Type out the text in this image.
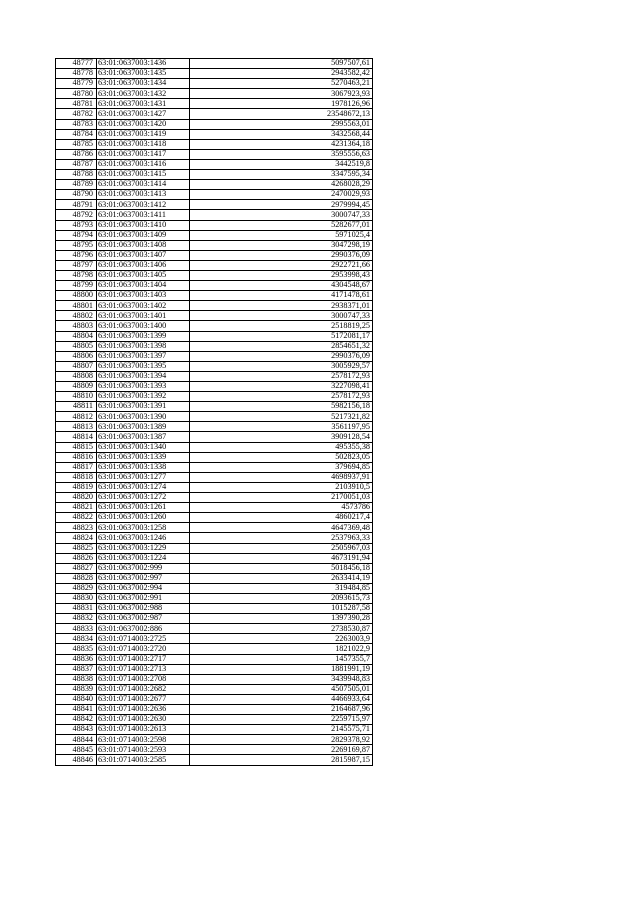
48777	63:01:0637003:1436	5097507,61
48778	63:01:0637003:1435	2943582,42
48779	63:01:0637003:1434	5270463,21
48780	63:01:0637003:1432	3067923,93
48781	63:01:0637003:1431	1978126,96
48782	63:01:0637003:1427	23548672,13
48783	63:01:0637003:1420	2995563,01
48784	63:01:0637003:1419	3432568,44
48785	63:01:0637003:1418	4231364,18
48786	63:01:0637003:1417	3595556,63
48787	63:01:0637003:1416	3442519,8
48788	63:01:0637003:1415	3347595,34
48789	63:01:0637003:1414	4268028,29
48790	63:01:0637003:1413	2470029,93
48791	63:01:0637003:1412	2979994,45
48792	63:01:0637003:1411	3000747,33
48793	63:01:0637003:1410	5282677,01
48794	63:01:0637003:1409	5971025,4
48795	63:01:0637003:1408	3047298,19
48796	63:01:0637003:1407	2990376,09
48797	63:01:0637003:1406	2922721,66
48798	63:01:0637003:1405	2953998,43
48799	63:01:0637003:1404	4304548,67
48800	63:01:0637003:1403	4171478,61
48801	63:01:0637003:1402	2938371,01
48802	63:01:0637003:1401	3000747,33
48803	63:01:0637003:1400	2518819,25
48804	63:01:0637003:1399	5172081,17
48805	63:01:0637003:1398	2854651,32
48806	63:01:0637003:1397	2990376,09
48807	63:01:0637003:1395	3005929,57
48808	63:01:0637003:1394	2578172,93
48809	63:01:0637003:1393	3227098,41
48810	63:01:0637003:1392	2578172,93
48811	63:01:0637003:1391	5982156,18
48812	63:01:0637003:1390	5217321,82
48813	63:01:0637003:1389	3561197,95
48814	63:01:0637003:1387	3909128,54
48815	63:01:0637003:1340	495355,38
48816	63:01:0637003:1339	502823,05
48817	63:01:0637003:1338	379694,85
48818	63:01:0637003:1277	4698937,91
48819	63:01:0637003:1274	2103910,5
48820	63:01:0637003:1272	2170051,03
48821	63:01:0637003:1261	4573786
48822	63:01:0637003:1260	4860217,4
48823	63:01:0637003:1258	4647369,48
48824	63:01:0637003:1246	2537963,33
48825	63:01:0637003:1229	2505967,03
48826	63:01:0637003:1224	4673191,94
48827	63:01:0637002:999	5018456,18
48828	63:01:0637002:997	2633414,19
48829	63:01:0637002:994	319484,85
48830	63:01:0637002:991	2093615,73
48831	63:01:0637002:988	1015287,58
48832	63:01:0637002:987	1397390,28
48833	63:01:0637002:886	2738530,87
48834	63:01:0714003:2725	2263003,9
48835	63:01:0714003:2720	1821022,9
48836	63:01:0714003:2717	1457355,7
48837	63:01:0714003:2713	1881991,19
48838	63:01:0714003:2708	3439948,83
48839	63:01:0714003:2682	4507505,01
48840	63:01:0714003:2677	4466933,64
48841	63:01:0714003:2636	2164687,96
48842	63:01:0714003:2630	2259715,97
48843	63:01:0714003:2613	2145575,71
48844	63:01:0714003:2598	2829378,92
48845	63:01:0714003:2593	2269169,87
48846	63:01:0714003:2585	2815987,15
